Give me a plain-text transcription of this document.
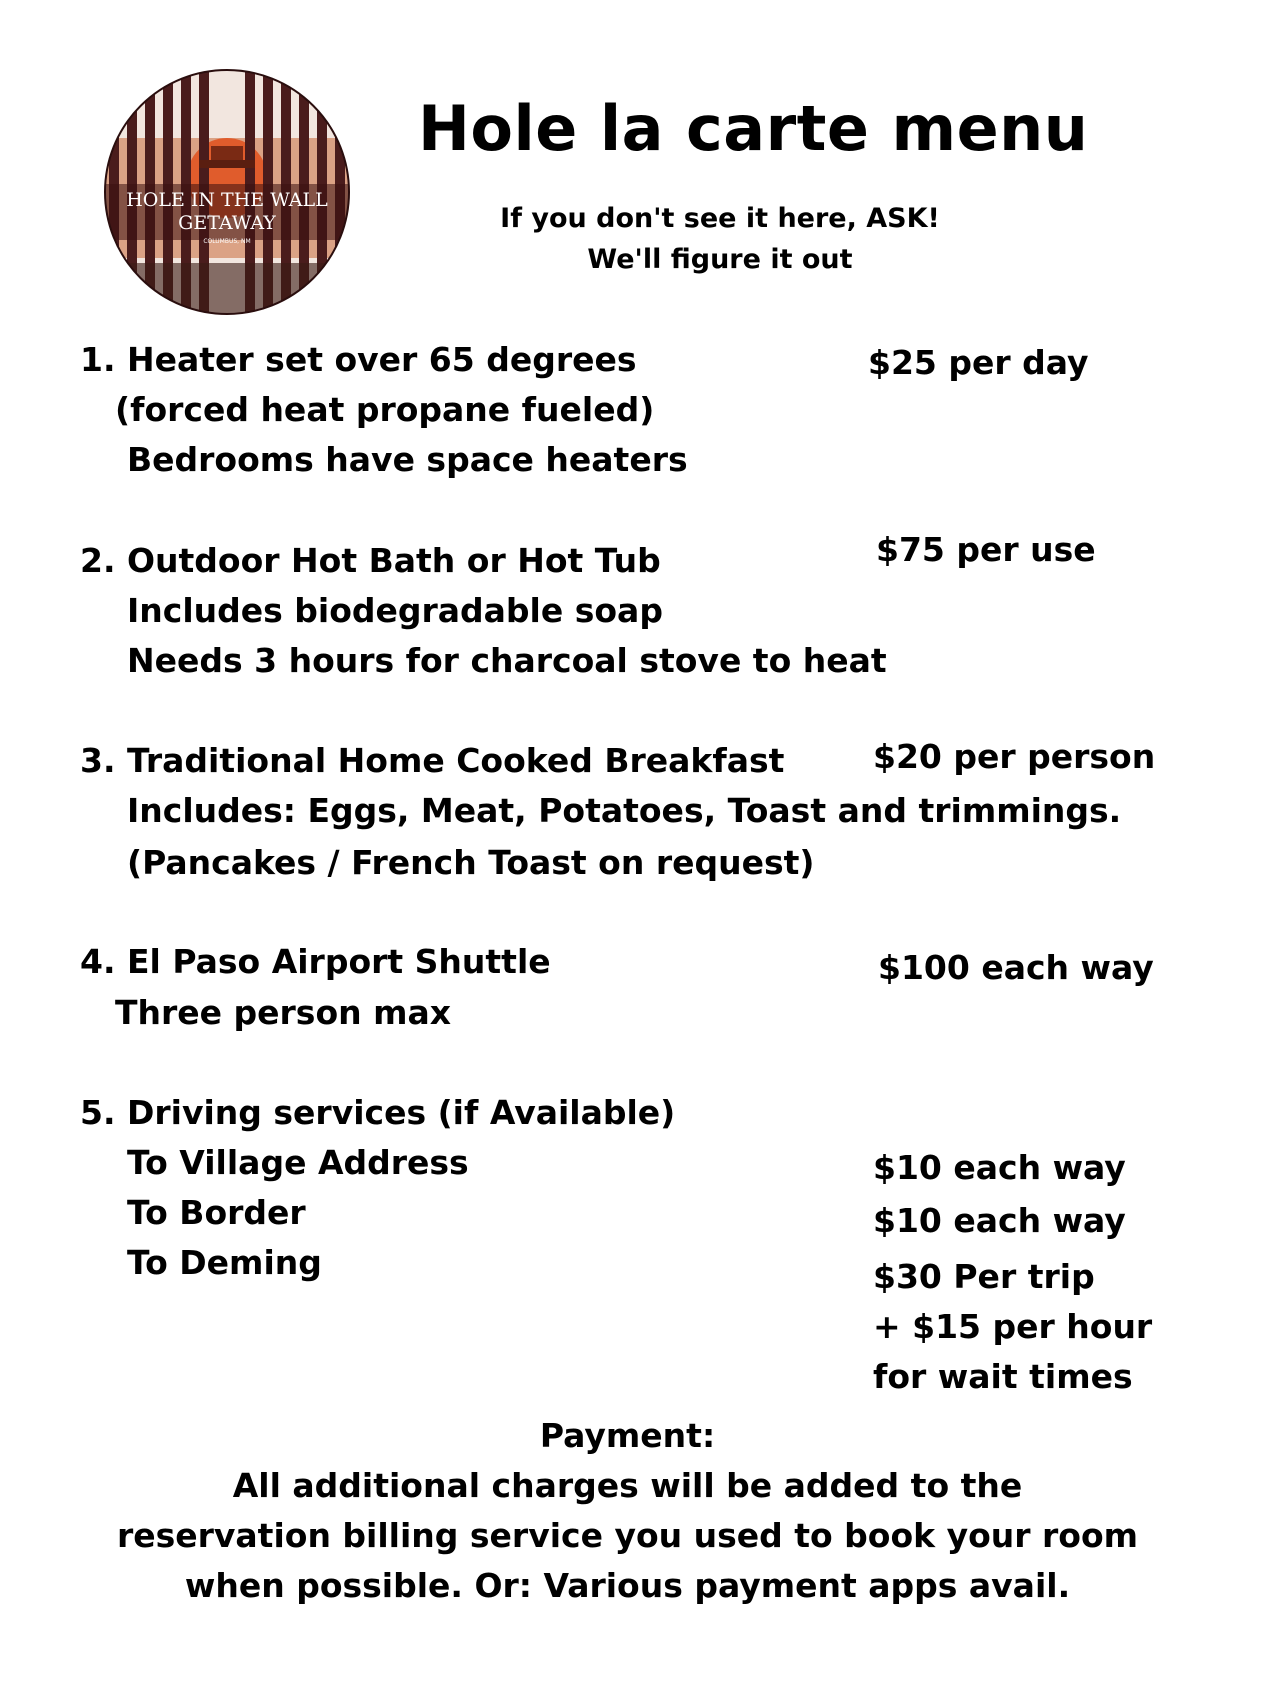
HOLE IN THE WALL
GETAWAY
COLUMBUS, NM
Hole la carte menu
If you don't see it here, ASK!
We'll figure it out
1. Heater set over 65 degrees
(forced heat propane fueled)
Bedrooms have space heaters
$25 per day
2. Outdoor Hot Bath or Hot Tub
Includes biodegradable soap
Needs 3 hours for charcoal stove to heat
$75 per use
3. Traditional Home Cooked Breakfast
Includes: Eggs, Meat, Potatoes, Toast and trimmings.
(Pancakes / French Toast on request)
$20 per person
4. El Paso Airport Shuttle
Three person max
$100 each way
5. Driving services (if Available)
To Village Address
To Border
To Deming
$10 each way
$10 each way
$30 Per trip
+ $15 per hour
for wait times
Payment:
All additional charges will be added to the
reservation billing service you used to book your room
when possible. Or: Various payment apps avail.
